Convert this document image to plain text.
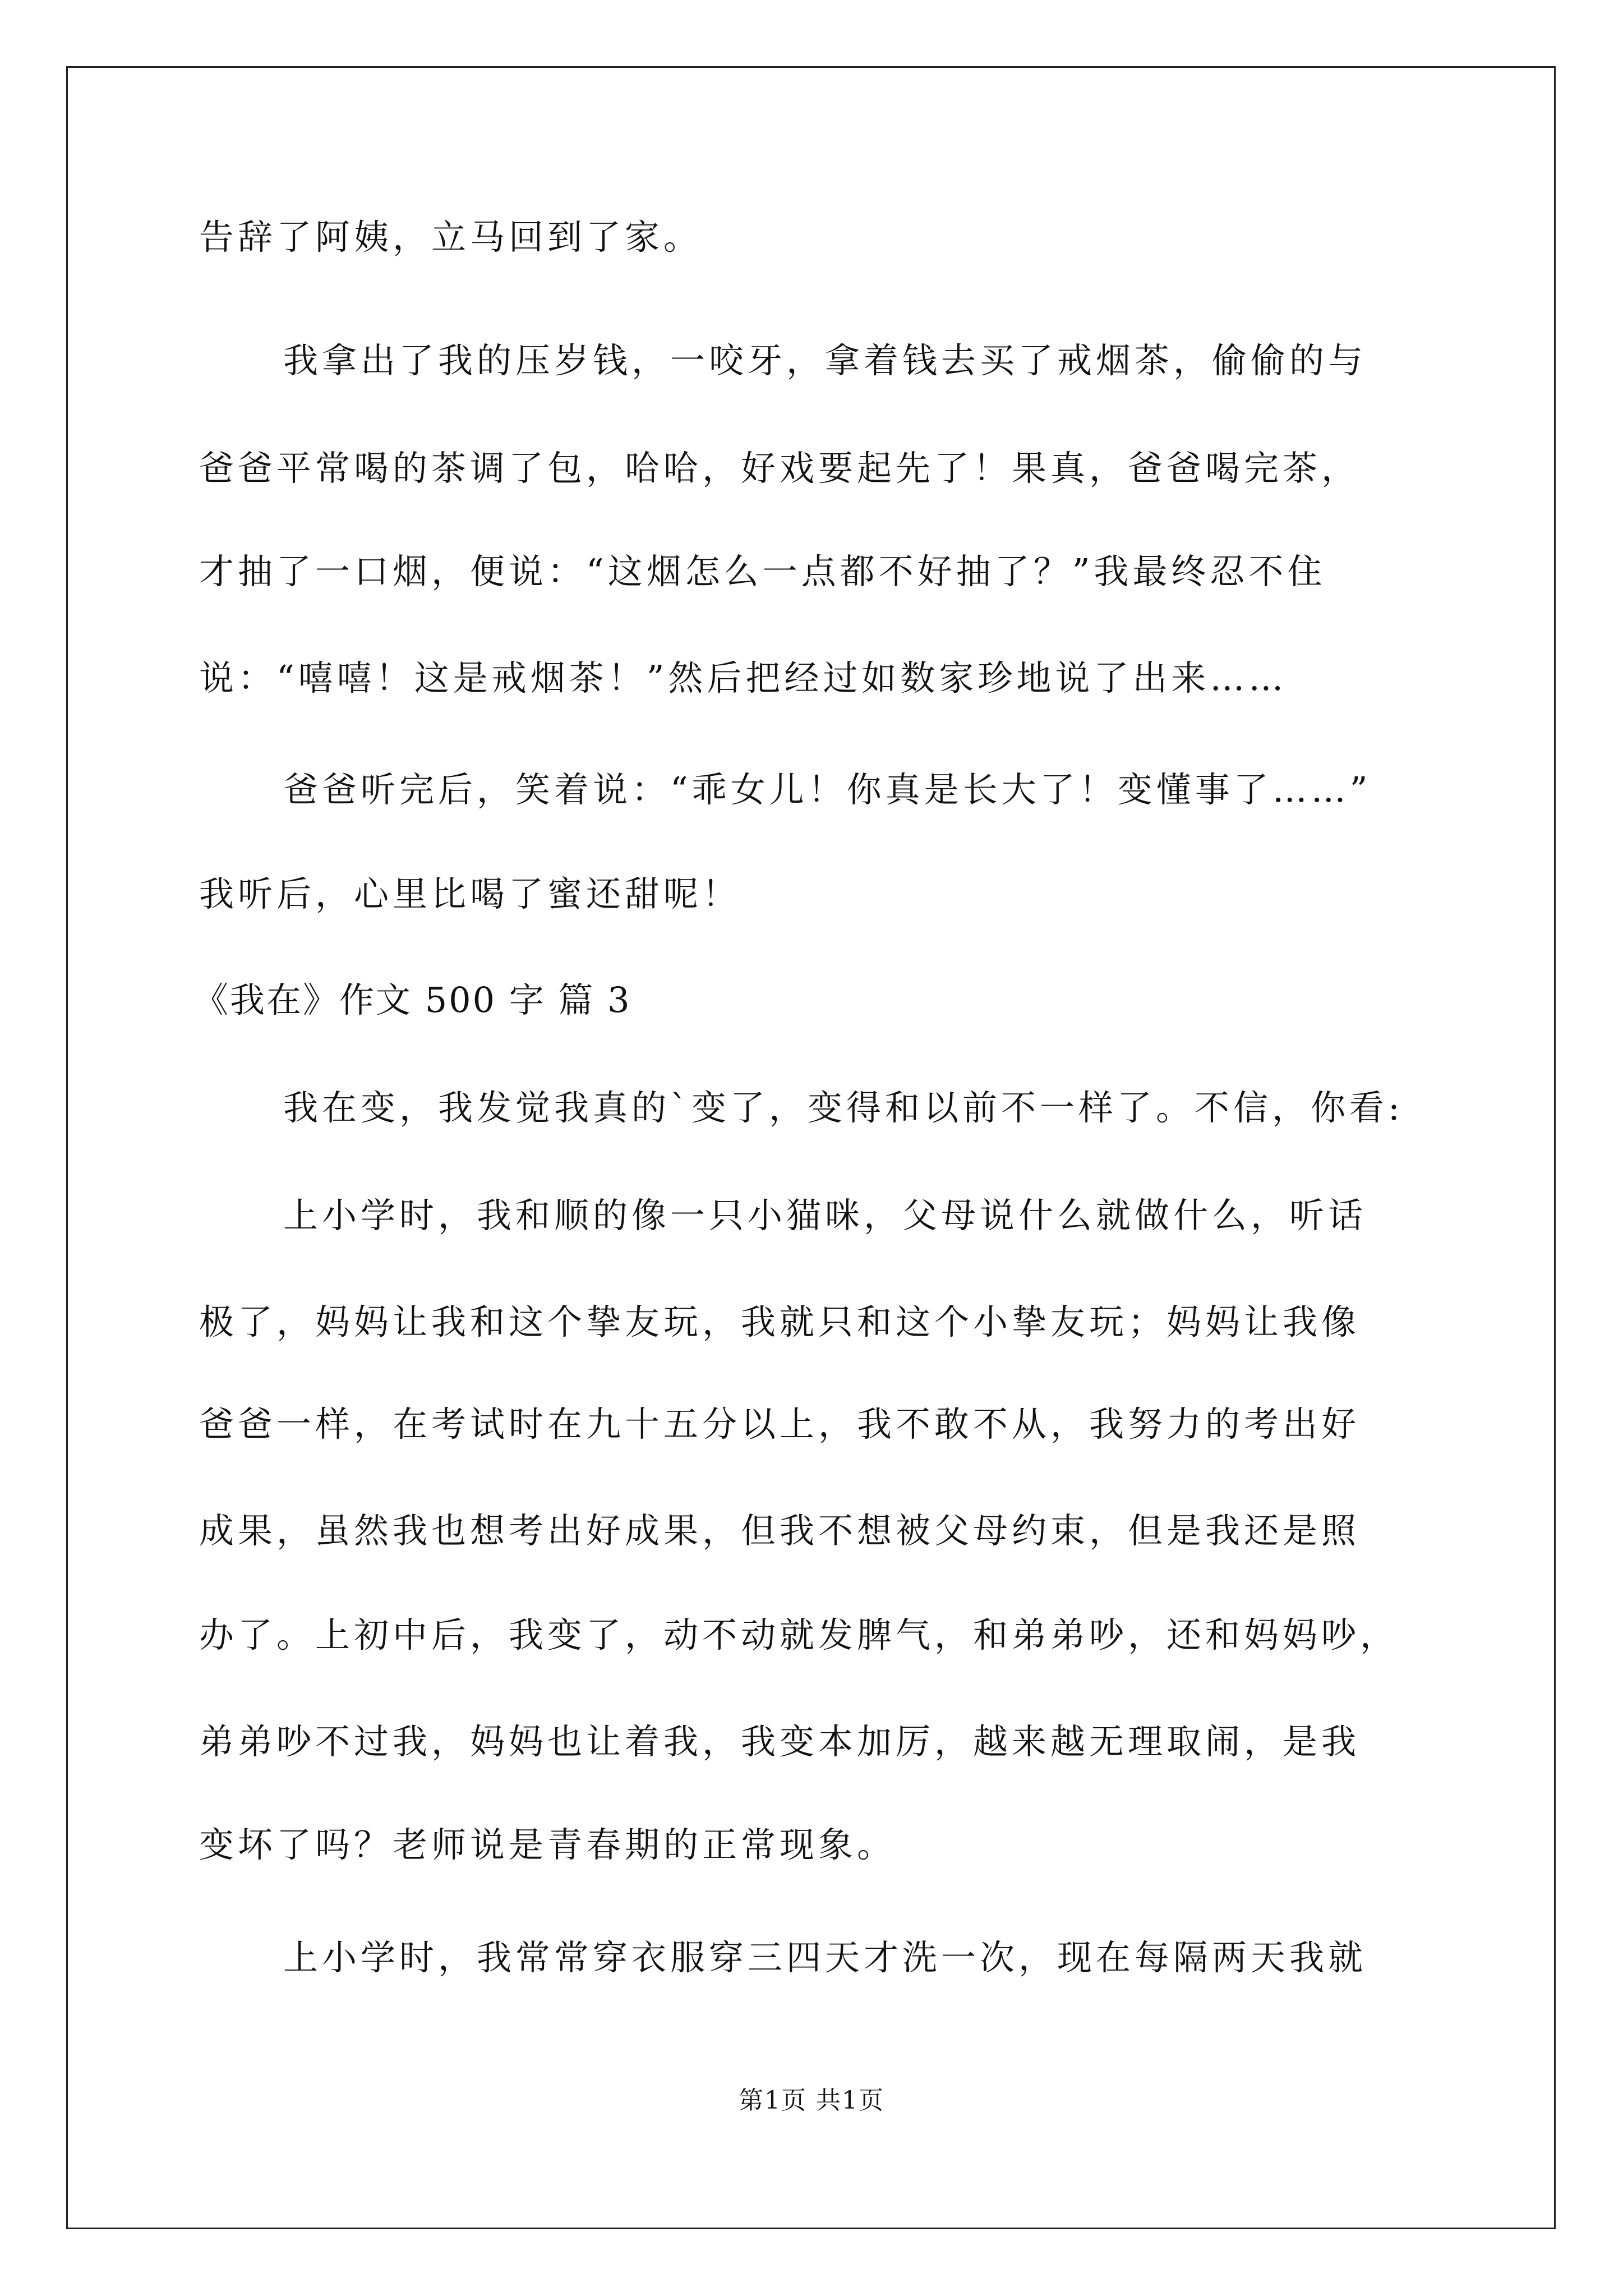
告辞了阿姨，立马回到了家。
我拿出了我的压岁钱，一咬牙，拿着钱去买了戒烟茶，偷偷的与
爸爸平常喝的茶调了包，哈哈，好戏要起先了！果真，爸爸喝完茶，
才抽了一口烟，便说：“这烟怎么一点都不好抽了？”我最终忍不住
说：“嘻嘻！这是戒烟茶！”然后把经过如数家珍地说了出来……
爸爸听完后，笑着说：“乖女儿！你真是长大了！变懂事了……”
我听后，心里比喝了蜜还甜呢！
《我在》作文 500 字 篇 3
我在变，我发觉我真的`变了，变得和以前不一样了。不信，你看:
上小学时，我和顺的像一只小猫咪，父母说什么就做什么，听话
极了，妈妈让我和这个挚友玩，我就只和这个小挚友玩；妈妈让我像
爸爸一样，在考试时在九十五分以上，我不敢不从，我努力的考出好
成果，虽然我也想考出好成果，但我不想被父母约束，但是我还是照
办了。上初中后，我变了，动不动就发脾气，和弟弟吵，还和妈妈吵，
弟弟吵不过我，妈妈也让着我，我变本加厉，越来越无理取闹，是我
变坏了吗？老师说是青春期的正常现象。
上小学时，我常常穿衣服穿三四天才洗一次，现在每隔两天我就
第1页 共1页
